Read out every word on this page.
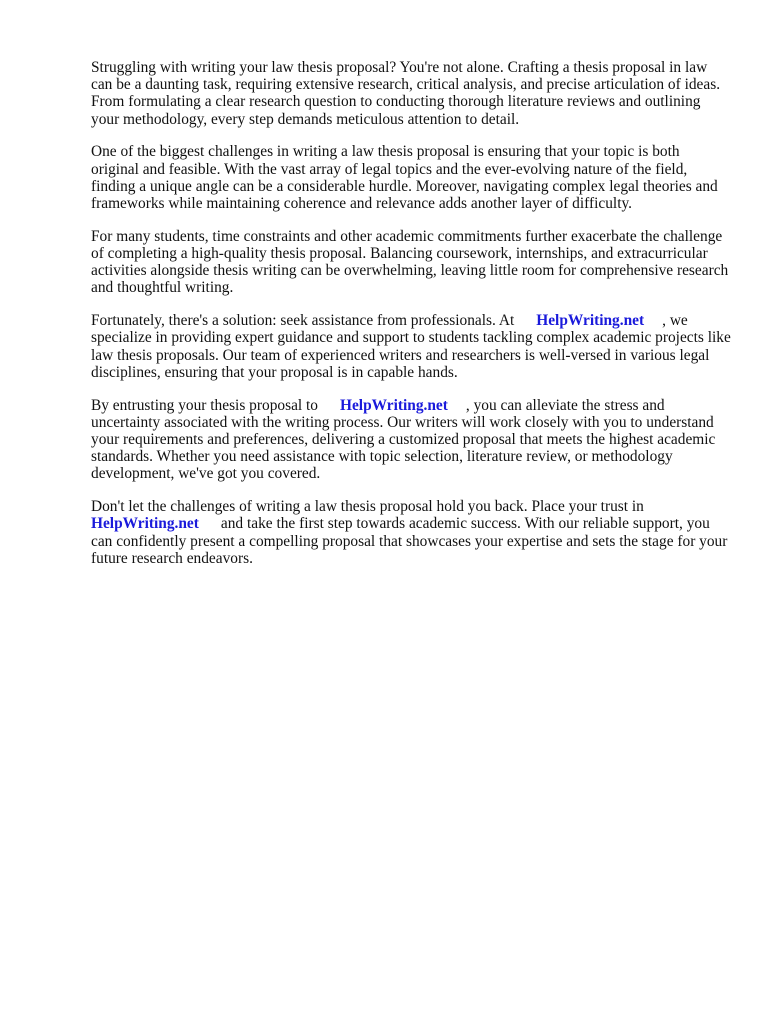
Struggling with writing your law thesis proposal? You're not alone. Crafting a thesis proposal in law can be a daunting task, requiring extensive research, critical analysis, and precise articulation of ideas. From formulating a clear research question to conducting thorough literature reviews and outlining your methodology, every step demands meticulous attention to detail.

One of the biggest challenges in writing a law thesis proposal is ensuring that your topic is both original and feasible. With the vast array of legal topics and the ever-evolving nature of the field, finding a unique angle can be a considerable hurdle. Moreover, navigating complex legal theories and frameworks while maintaining coherence and relevance adds another layer of difficulty.

For many students, time constraints and other academic commitments further exacerbate the challenge of completing a high-quality thesis proposal. Balancing coursework, internships, and extracurricular activities alongside thesis writing can be overwhelming, leaving little room for comprehensive research and thoughtful writing.

Fortunately, there's a solution: seek assistance from professionals. At HelpWriting.net , we specialize in providing expert guidance and support to students tackling complex academic projects like law thesis proposals. Our team of experienced writers and researchers is well-versed in various legal disciplines, ensuring that your proposal is in capable hands.

By entrusting your thesis proposal to HelpWriting.net , you can alleviate the stress and uncertainty associated with the writing process. Our writers will work closely with you to understand your requirements and preferences, delivering a customized proposal that meets the highest academic standards. Whether you need assistance with topic selection, literature review, or methodology development, we've got you covered.

Don't let the challenges of writing a law thesis proposal hold you back. Place your trust in HelpWriting.net and take the first step towards academic success. With our reliable support, you can confidently present a compelling proposal that showcases your expertise and sets the stage for your future research endeavors.
